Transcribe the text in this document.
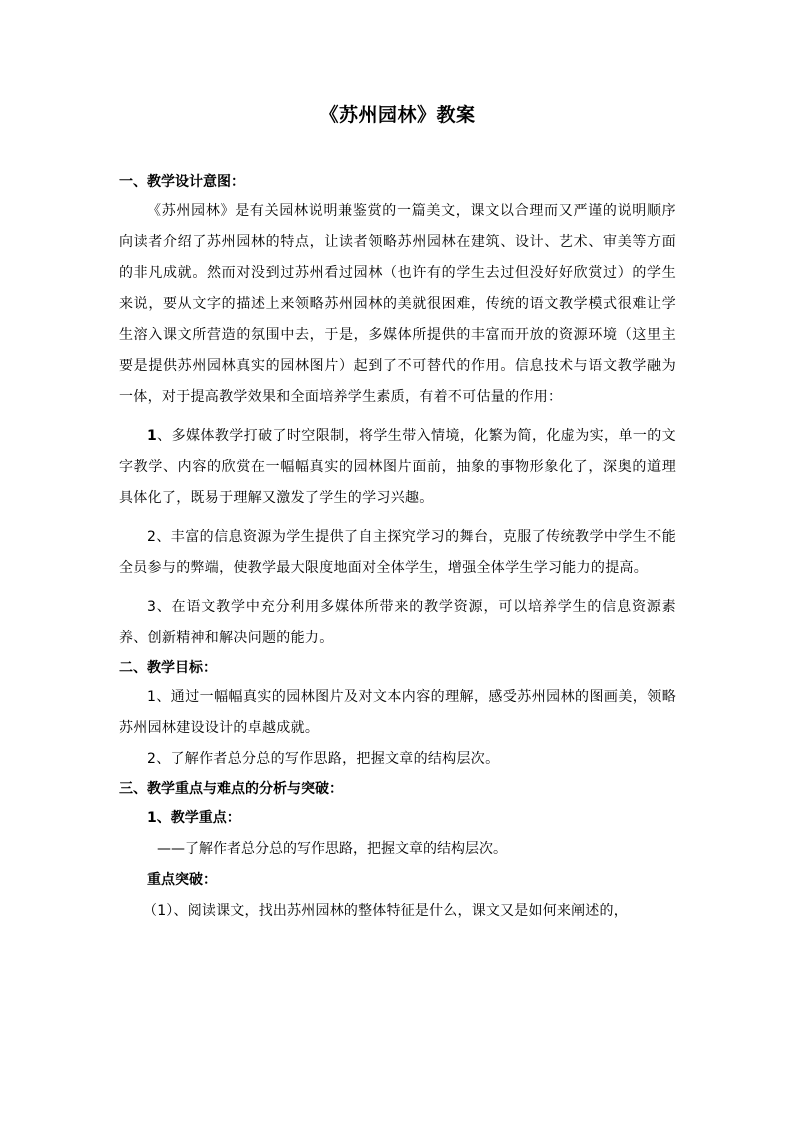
《苏州园林》教案
一、教学设计意图：

《苏州园林》是有关园林说明兼鉴赏的一篇美文，课文以合理而又严谨的说明顺序向读者介绍了苏州园林的特点，让读者领略苏州园林在建筑、设计、艺术、审美等方面的非凡成就。然而对没到过苏州看过园林（也许有的学生去过但没好好欣赏过）的学生来说，要从文字的描述上来领略苏州园林的美就很困难，传统的语文教学模式很难让学生溶入课文所营造的氛围中去，于是，多媒体所提供的丰富而开放的资源环境（这里主要是提供苏州园林真实的园林图片）起到了不可替代的作用。信息技术与语文教学融为一体，对于提高教学效果和全面培养学生素质，有着不可估量的作用：

1、多媒体教学打破了时空限制，将学生带入情境，化繁为简，化虚为实，单一的文字教学、内容的欣赏在一幅幅真实的园林图片面前，抽象的事物形象化了，深奥的道理具体化了，既易于理解又激发了学生的学习兴趣。

2、丰富的信息资源为学生提供了自主探究学习的舞台，克服了传统教学中学生不能全员参与的弊端，使教学最大限度地面对全体学生，增强全体学生学习能力的提高。

3、在语文教学中充分利用多媒体所带来的教学资源，可以培养学生的信息资源素养、创新精神和解决问题的能力。

二、教学目标：

1、通过一幅幅真实的园林图片及对文本内容的理解，感受苏州园林的图画美，领略苏州园林建设设计的卓越成就。

2、了解作者总分总的写作思路，把握文章的结构层次。

三、教学重点与难点的分析与突破：

1、教学重点：

——了解作者总分总的写作思路，把握文章的结构层次。

重点突破：

（1）、阅读课文，找出苏州园林的整体特征是什么，课文又是如何来阐述的，
